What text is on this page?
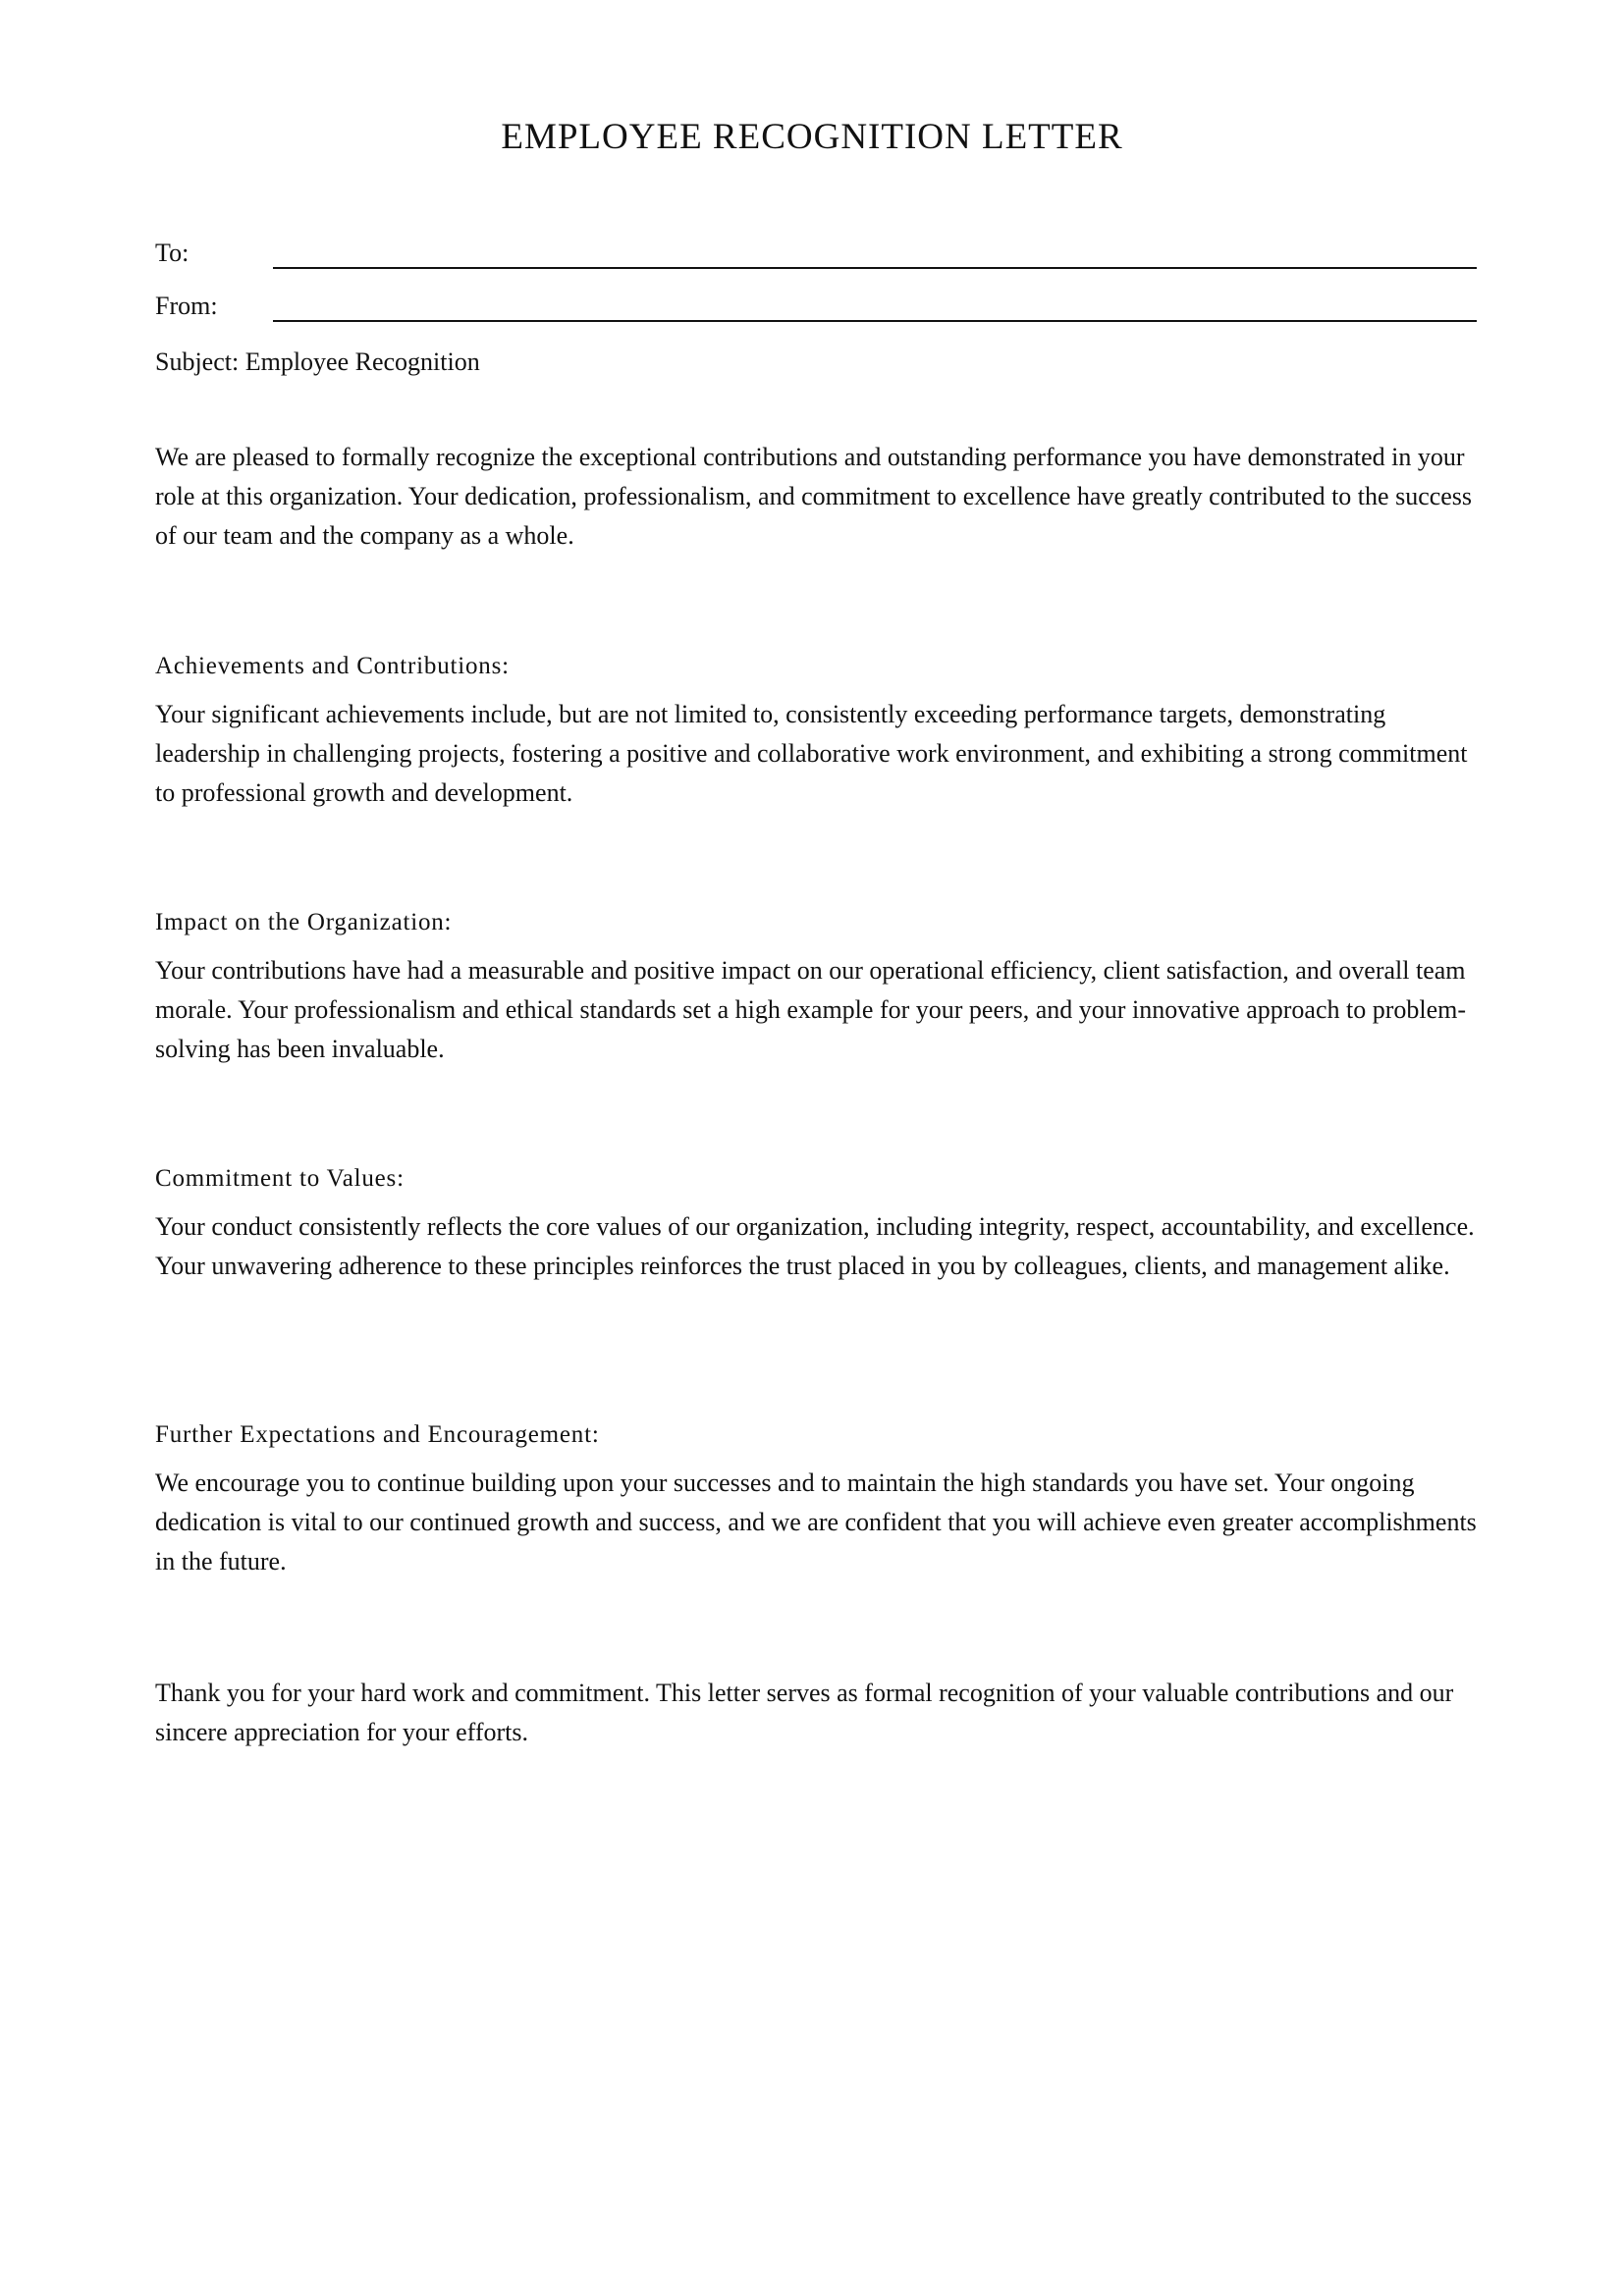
EMPLOYEE RECOGNITION LETTER
To:
From:
Subject: Employee Recognition

We are pleased to formally recognize the exceptional contributions and outstanding performance you have demonstrated in your role at this organization. Your dedication, professionalism, and commitment to excellence have greatly contributed to the success of our team and the company as a whole.

Achievements and Contributions:

Your significant achievements include, but are not limited to, consistently exceeding performance targets, demonstrating leadership in challenging projects, fostering a positive and collaborative work environment, and exhibiting a strong commitment to professional growth and development.

Impact on the Organization:

Your contributions have had a measurable and positive impact on our operational efficiency, client satisfaction, and overall team morale. Your professionalism and ethical standards set a high example for your peers, and your innovative approach to problem-solving has been invaluable.

Commitment to Values:

Your conduct consistently reflects the core values of our organization, including integrity, respect, accountability, and excellence. Your unwavering adherence to these principles reinforces the trust placed in you by colleagues, clients, and management alike.

Further Expectations and Encouragement:

We encourage you to continue building upon your successes and to maintain the high standards you have set. Your ongoing dedication is vital to our continued growth and success, and we are confident that you will achieve even greater accomplishments in the future.

Thank you for your hard work and commitment. This letter serves as formal recognition of your valuable contributions and our sincere appreciation for your efforts.
